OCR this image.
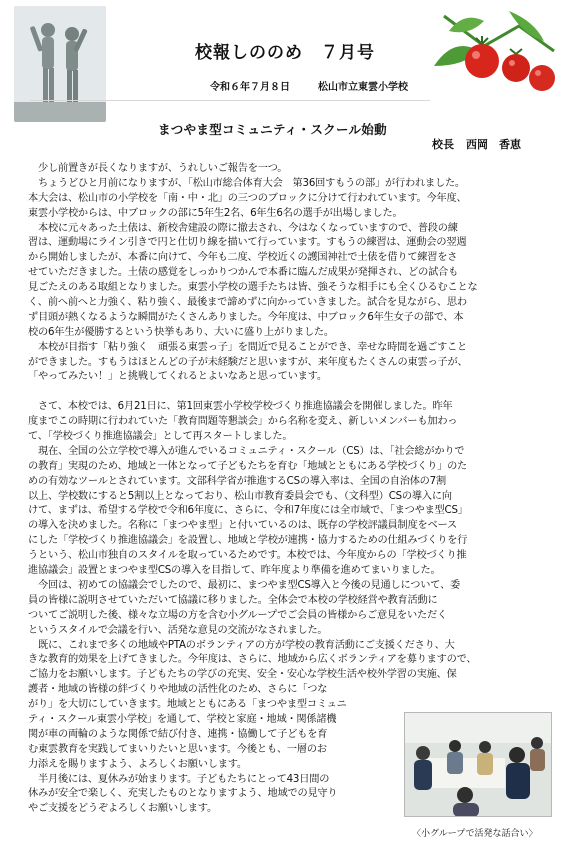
校報しののめ ７月号
令和６年７月８日	松山市立東雲小学校
まつやま型コミュニティ・スクール始動
校長 西岡　香恵
　少し前置きが長くなりますが、うれしいご報告を一つ。
　ちょうどひと月前になりますが、「松山市総合体育大会　第36回すもうの部」が行われました。
本大会は、松山市の小学校を「南・中・北」の三つのブロックに分けて行われています。今年度、
東雲小学校からは、中ブロックの部に5年生2名、6年生6名の選手が出場しました。
　本校に元々あった土俵は、新校舎建設の際に撤去され、今はなくなっていますので、普段の練
習は、運動場にライン引きで円と仕切り線を描いて行っています。すもうの練習は、運動会の翌週
から開始しましたが、本番に向けて、今年も二度、学校近くの護国神社で土俵を借りて練習をさ
せていただきました。土俵の感覚をしっかりつかんで本番に臨んだ成果が発揮され、どの試合も
見ごたえのある取組となりました。東雲小学校の選手たちは皆、強そうな相手にも全くひるむことな
く、前へ前へと力強く、粘り強く、最後まで諦めずに向かっていきました。試合を見ながら、思わ
ず目頭が熱くなるような瞬間がたくさんありました。今年度は、中ブロック6年生女子の部で、本
校の6年生が優勝するという快挙もあり、大いに盛り上がりました。
　本校が目指す「粘り強く　頑張る東雲っ子」を間近で見ることができ、幸せな時間を過ごすこと
ができました。すもうはほとんどの子が未経験だと思いますが、来年度もたくさんの東雲っ子が、
「やってみたい！」と挑戦してくれるとよいなあと思っています。
　さて、本校では、6月21日に、第1回東雲小学校学校づくり推進協議会を開催しました。昨年
度までこの時期に行われていた「教育問題等懇談会」から名称を変え、新しいメンバーも加わっ
て、「学校づくり推進協議会」として再スタートしました。
　現在、全国の公立学校で導入が進んでいるコミュニティ・スクール（CS）は、「社会総がかりで
の教育」実現のため、地域と一体となって子どもたちを育む「地域とともにある学校づくり」のた
めの有効なツールとされています。文部科学省が推進するCSの導入率は、全国の自治体の7割
以上、学校数にすると5割以上となっており、松山市教育委員会でも、（文科型）CSの導入に向
けて、まずは、希望する学校で令和6年度に、さらに、令和7年度には全市域で、「まつやま型CS」
の導入を決めました。名称に「まつやま型」と付いているのは、既存の学校評議員制度をベース
にした「学校づくり推進協議会」を設置し、地域と学校が連携・協力するための仕組みづくりを行
うという、松山市独自のスタイルを取っているためです。本校では、今年度からの「学校づくり推
進協議会」設置とまつやま型CSの導入を目指して、昨年度より準備を進めてまいりました。
　今回は、初めての協議会でしたので、最初に、まつやま型CS導入と今後の見通しについて、委
員の皆様に説明させていただいて協議に移りました。全体会で本校の学校経営や教育活動に
ついてご説明した後、様々な立場の方を含む小グループでご会員の皆様からご意見をいただく
というスタイルで会議を行い、活発な意見の交流がなされました。
　既に、これまで多くの地域やPTAのボランティアの方が学校の教育活動にご支援くださり、大
きな教育的効果を上げてきました。今年度は、さらに、地域から広くボランティアを募りますので、
ご協力をお願いします。子どもたちの学びの充実、安全・安心な学校生活や校外学習の実施、保
護者・地域の皆様の絆づくりや地域の活性化のため、さらに「つな
がり」を大切にしていきます。地域とともにある「まつやま型コミュニ
ティ・スクール東雲小学校」を通して、学校と家庭・地域・関係諸機
関が車の両輪のような関係で結び付き、連携・協働して子どもを育
む東雲教育を実践してまいりたいと思います。今後とも、一層のお
力添えを賜りますよう、よろしくお願いします。
　半月後には、夏休みが始まります。子どもたちにとって43日間の
休みが安全で楽しく、充実したものとなりますよう、地域での見守り
やご支援をどうぞよろしくお願いします。
〈小グループで活発な話合い〉
